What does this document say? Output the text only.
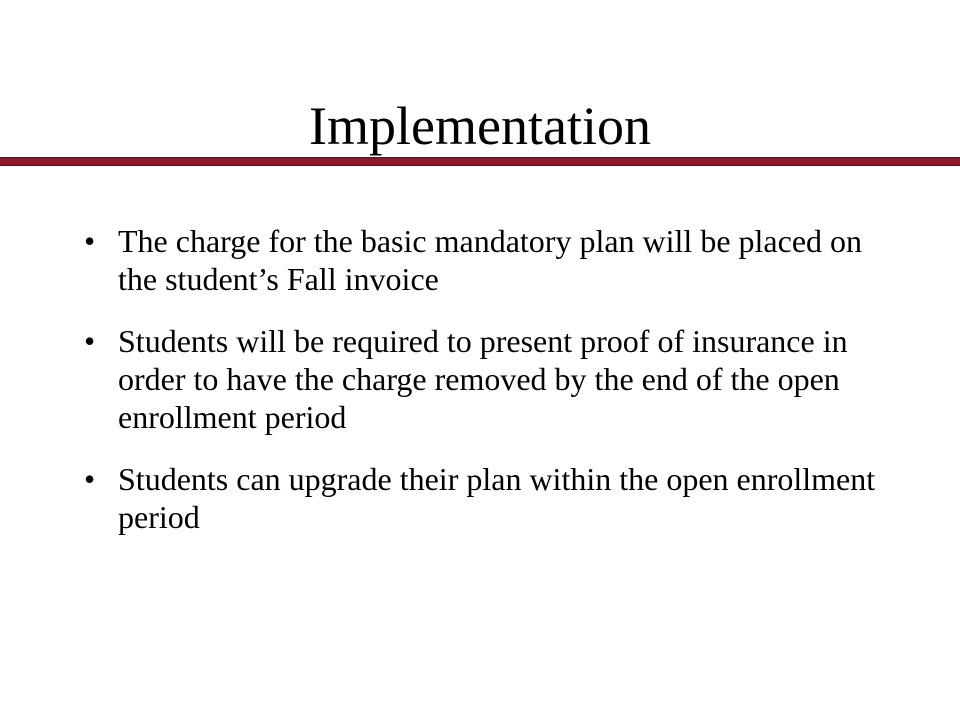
Implementation
• The charge for the basic mandatory plan will be placed on the student’s Fall invoice
• Students will be required to present proof of insurance in order to have the charge removed by the end of the open enrollment period
• Students can upgrade their plan within the open enrollment period
